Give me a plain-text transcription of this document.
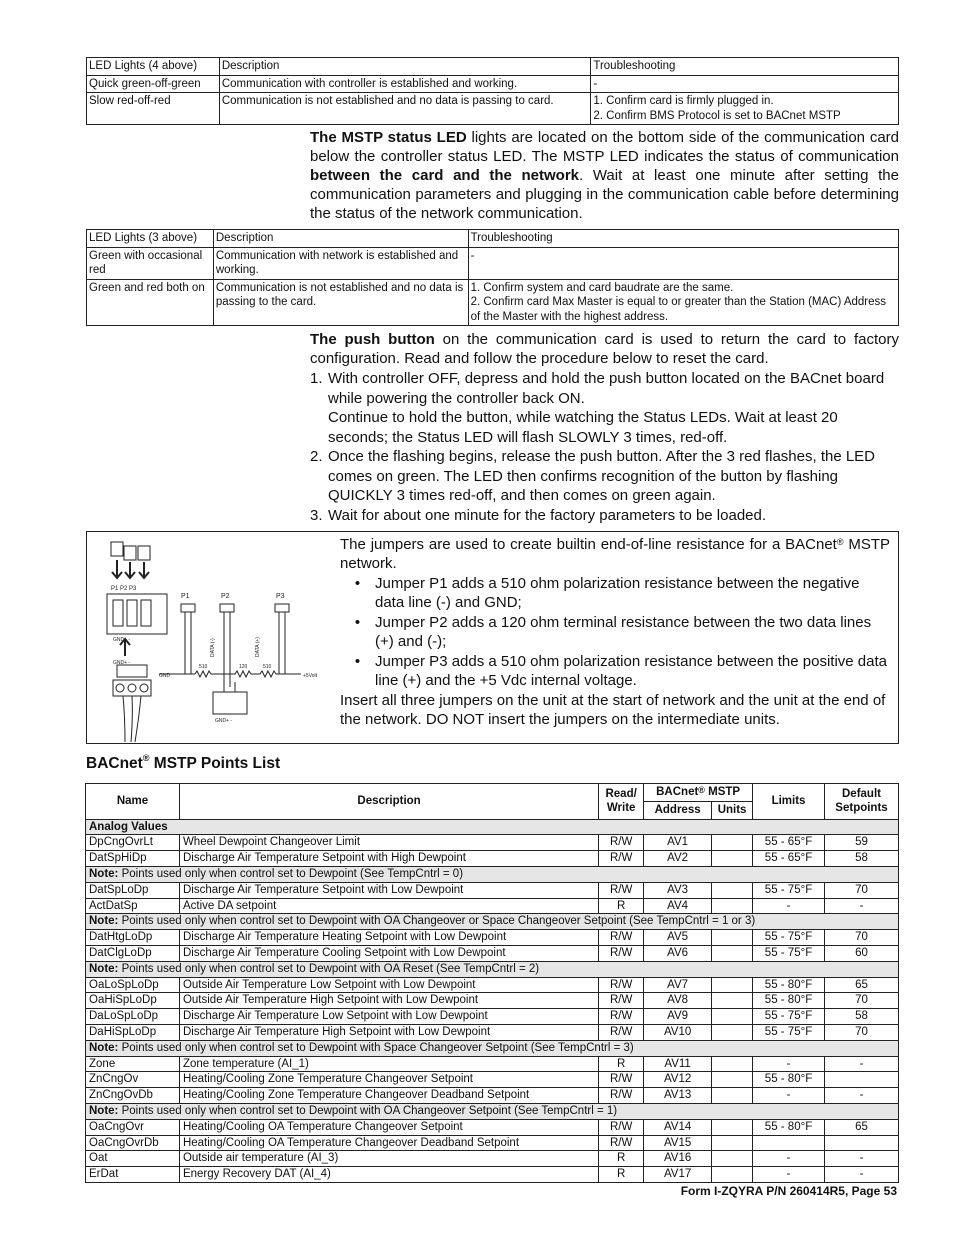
LED Lights (4 above)	Description	Troubleshooting
Quick green-off-green	Communication with controller is established and working.	-
Slow red-off-red	Communication is not established and no data is passing to card.	1. Confirm card is firmly plugged in.
2. Confirm BMS Protocol is set to BACnet MSTP
The MSTP status LED lights are located on the bottom side of the communication card below the controller status LED. The MSTP LED indicates the status of communication between the card and the network. Wait at least one minute after setting the communication parameters and plugging in the communication cable before determining the status of the network communication.
LED Lights (3 above)	Description	Troubleshooting
Green with occasional red	Communication with network is established and working.	-
Green and red both on	Communication is not established and no data is passing to the card.	1. Confirm system and card baudrate are the same.
2. Confirm card Max Master is equal to or greater than the Station (MAC) Address of the Master with the highest address.
The push button on the communication card is used to return the card to factory configuration. Read and follow the procedure below to reset the card.
1. With controller OFF, depress and hold the push button located on the BACnet board while powering the controller back ON.
Continue to hold the button, while watching the Status LEDs. Wait at least 20 seconds; the Status LED will flash SLOWLY 3 times, red-off.
2. Once the flashing begins, release the push button. After the 3 red flashes, the LED comes on green. The LED then confirms recognition of the button by flashing QUICKLY 3 times red-off, and then comes on green again.
3. Wait for about one minute for the factory parameters to be loaded.
P1 P2 P3
P1	P2	P3
GND+ -
GND+ -
GND
510	120	510
+5Volt
GND+ -
DATA (-)	DATA (+)
The jumpers are used to create builtin end-of-line resistance for a BACnet® MSTP network.
• Jumper P1 adds a 510 ohm polarization resistance between the negative data line (-) and GND;
• Jumper P2 adds a 120 ohm terminal resistance between the two data lines (+) and (-);
• Jumper P3 adds a 510 ohm polarization resistance between the positive data line (+) and the +5 Vdc internal voltage.
Insert all three jumpers on the unit at the start of network and the unit at the end of the network. DO NOT insert the jumpers on the intermediate units.
BACnet® MSTP Points List
Name	Description	Read/ Write	BACnet® MSTP		Limits	Default Setpoints
			Address	Units		
Analog Values						
DpCngOvrLt	Wheel Dewpoint Changeover Limit	R/W	AV1		55 - 65°F	59
DatSpHiDp	Discharge Air Temperature Setpoint with High Dewpoint	R/W	AV2		55 - 65°F	58
Note: Points used only when control set to Dewpoint (See TempCntrl = 0)						
DatSpLoDp	Discharge Air Temperature Setpoint with Low Dewpoint	R/W	AV3		55 - 75°F	70
ActDatSp	Active DA setpoint	R	AV4		-	-
Note: Points used only when control set to Dewpoint with OA Changeover or Space Changeover Setpoint (See TempCntrl = 1 or 3)						
DatHtgLoDp	Discharge Air Temperature Heating Setpoint with Low Dewpoint	R/W	AV5		55 - 75°F	70
DatClgLoDp	Discharge Air Temperature Cooling Setpoint with Low Dewpoint	R/W	AV6		55 - 75°F	60
Note: Points used only when control set to Dewpoint with OA Reset (See TempCntrl = 2)						
OaLoSpLoDp	Outside Air Temperature Low Setpoint with Low Dewpoint	R/W	AV7		55 - 80°F	65
OaHiSpLoDp	Outside Air Temperature High Setpoint with Low Dewpoint	R/W	AV8		55 - 80°F	70
DaLoSpLoDp	Discharge Air Temperature Low Setpoint with Low Dewpoint	R/W	AV9		55 - 75°F	58
DaHiSpLoDp	Discharge Air Temperature High Setpoint with Low Dewpoint	R/W	AV10		55 - 75°F	70
Note: Points used only when control set to Dewpoint with Space Changeover Setpoint (See TempCntrl = 3)						
Zone	Zone temperature (AI_1)	R	AV11		-	-
ZnCngOv	Heating/Cooling Zone Temperature Changeover Setpoint	R/W	AV12		55 - 80°F	
ZnCngOvDb	Heating/Cooling Zone Temperature Changeover Deadband Setpoint	R/W	AV13		-	-
Note: Points used only when control set to Dewpoint with OA Changeover Setpoint (See TempCntrl = 1)						
OaCngOvr	Heating/Cooling OA Temperature Changeover Setpoint	R/W	AV14		55 - 80°F	65
OaCngOvrDb	Heating/Cooling OA Temperature Changeover Deadband Setpoint	R/W	AV15			
Oat	Outside air temperature (AI_3)	R	AV16		-	-
ErDat	Energy Recovery DAT (AI_4)	R	AV17		-	-
Form I-ZQYRA P/N 260414R5, Page 53
